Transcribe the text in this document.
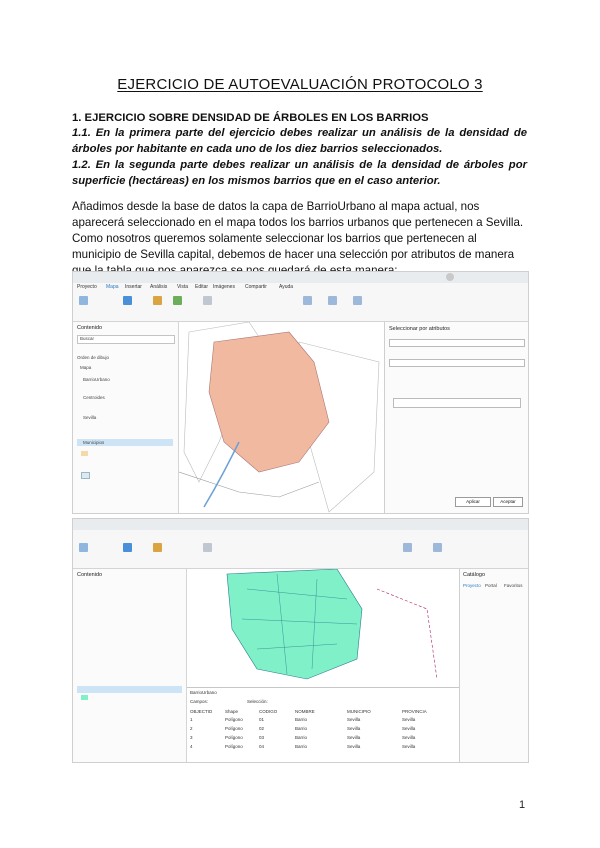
EJERCICIO DE AUTOEVALUACIÓN PROTOCOLO 3
1. EJERCICIO SOBRE DENSIDAD DE ÁRBOLES EN LOS BARRIOS
1.1. En la primera parte del ejercicio debes realizar un análisis de la densidad de árboles por habitante en cada uno de los diez barrios seleccionados.
1.2. En la segunda parte debes realizar un análisis de la densidad de árboles por superficie (hectáreas) en los mismos barrios que en el caso anterior.

Añadimos desde la base de datos la capa de BarrioUrbano al mapa actual, nos aparecerá seleccionado en el mapa todos los barrios urbanos que pertenecen a Sevilla.

Como nosotros queremos solamente seleccionar los barrios que pertenecen al municipio de Sevilla capital, debemos de hacer una selección por atributos de manera

Proyecto Mapa Insertar Análisis Vista Editar Imágenes Compartir Ayuda
Contenido
Buscar
Orden de dibujo
Mapa
BarrioUrbano
Centroides
Sevilla
Municipios
Seleccionar por atributos
Aplicar	Aceptar
Contenido
BarrioUrbano
Campos:	Selección:
OBJECTID	Shape	CODIGO	NOMBRE	MUNICIPIO	PROVINCIA
1	Polígono	01	Barrio	Sevilla	Sevilla
2	Polígono	02	Barrio	Sevilla	Sevilla
3	Polígono	03	Barrio	Sevilla	Sevilla
4	Polígono	04	Barrio	Sevilla	Sevilla
Catálogo
Proyecto Portal Favoritos
1
